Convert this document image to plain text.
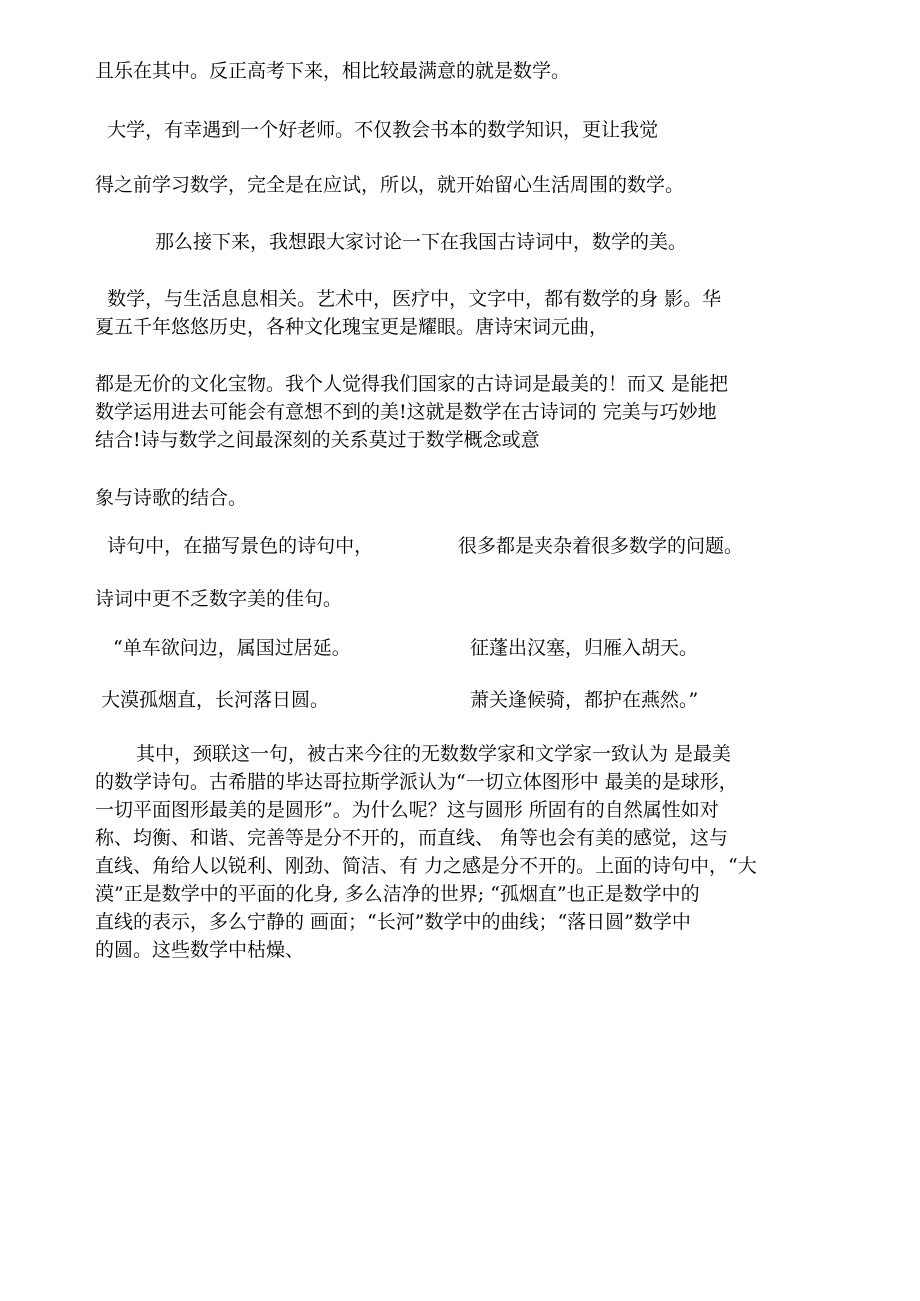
且乐在其中。反正高考下来，相比较最满意的就是数学。
大学，有幸遇到一个好老师。不仅教会书本的数学知识，更让我觉
得之前学习数学，完全是在应试，所以，就开始留心生活周围的数学。
那么接下来，我想跟大家讨论一下在我国古诗词中，数学的美。
数学，与生活息息相关。艺术中，医疗中，文字中，都有数学的身 影。华
夏五千年悠悠历史，各种文化瑰宝更是耀眼。唐诗宋词元曲，
都是无价的文化宝物。我个人觉得我们国家的古诗词是最美的！而又 是能把
数学运用进去可能会有意想不到的美!这就是数学在古诗词的 完美与巧妙地
结合!诗与数学之间最深刻的关系莫过于数学概念或意
象与诗歌的结合。
诗句中，在描写景色的诗句中，	很多都是夹杂着很多数学的问题。
诗词中更不乏数字美的佳句。
“单车欲问边，属国过居延。	征蓬出汉塞，归雁入胡天。
大漠孤烟直，长河落日圆。	萧关逢候骑，都护在燕然。”
其中，颈联这一句，被古来今往的无数数学家和文学家一致认为 是最美
的数学诗句。古希腊的毕达哥拉斯学派认为“一切立体图形中 最美的是球形，
一切平面图形最美的是圆形”。为什么呢？这与圆形 所固有的自然属性如对
称、均衡、和谐、完善等是分不开的，而直线、 角等也会有美的感觉，这与
直线、角给人以锐利、刚劲、简洁、有 力之感是分不开的。上面的诗句中，“大
漠”正是数学中的平面的化身, 多么洁净的世界; “孤烟直”也正是数学中的
直线的表示，多么宁静的 画面；“长河”数学中的曲线；“落日圆”数学中
的圆。这些数学中枯燥、
